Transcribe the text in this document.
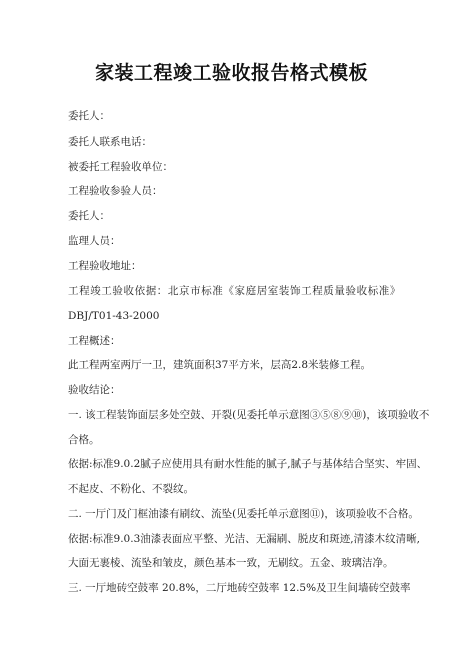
家装工程竣工验收报告格式模板
委托人：
委托人联系电话：
被委托工程验收单位：
工程验收参验人员：
委托人：
监理人员：
工程验收地址：
工程竣工验收依据：北京市标准《家庭居室装饰工程质量验收标准》
DBJ/T01-43-2000
工程概述：
此工程两室两厅一卫，建筑面积37平方米，层高2.8米装修工程。
验收结论：
一. 该工程装饰面层多处空鼓、开裂(见委托单示意图③⑤⑧⑨⑩)，该项验收不
合格。
依据:标准9.0.2腻子应使用具有耐水性能的腻子,腻子与基体结合坚实、牢固、
不起皮、不粉化、不裂纹。
二. 一厅门及门框油漆有刷纹、流坠(见委托单示意图⑪)，该项验收不合格。
依据:标准9.0.3油漆表面应平整、光洁、无漏刷、脱皮和斑迹,清漆木纹清晰,
大面无裹棱、流坠和皱皮，颜色基本一致，无刷纹。五金、玻璃洁净。
三. 一厅地砖空鼓率 20.8%，二厅地砖空鼓率 12.5%及卫生间墙砖空鼓率
